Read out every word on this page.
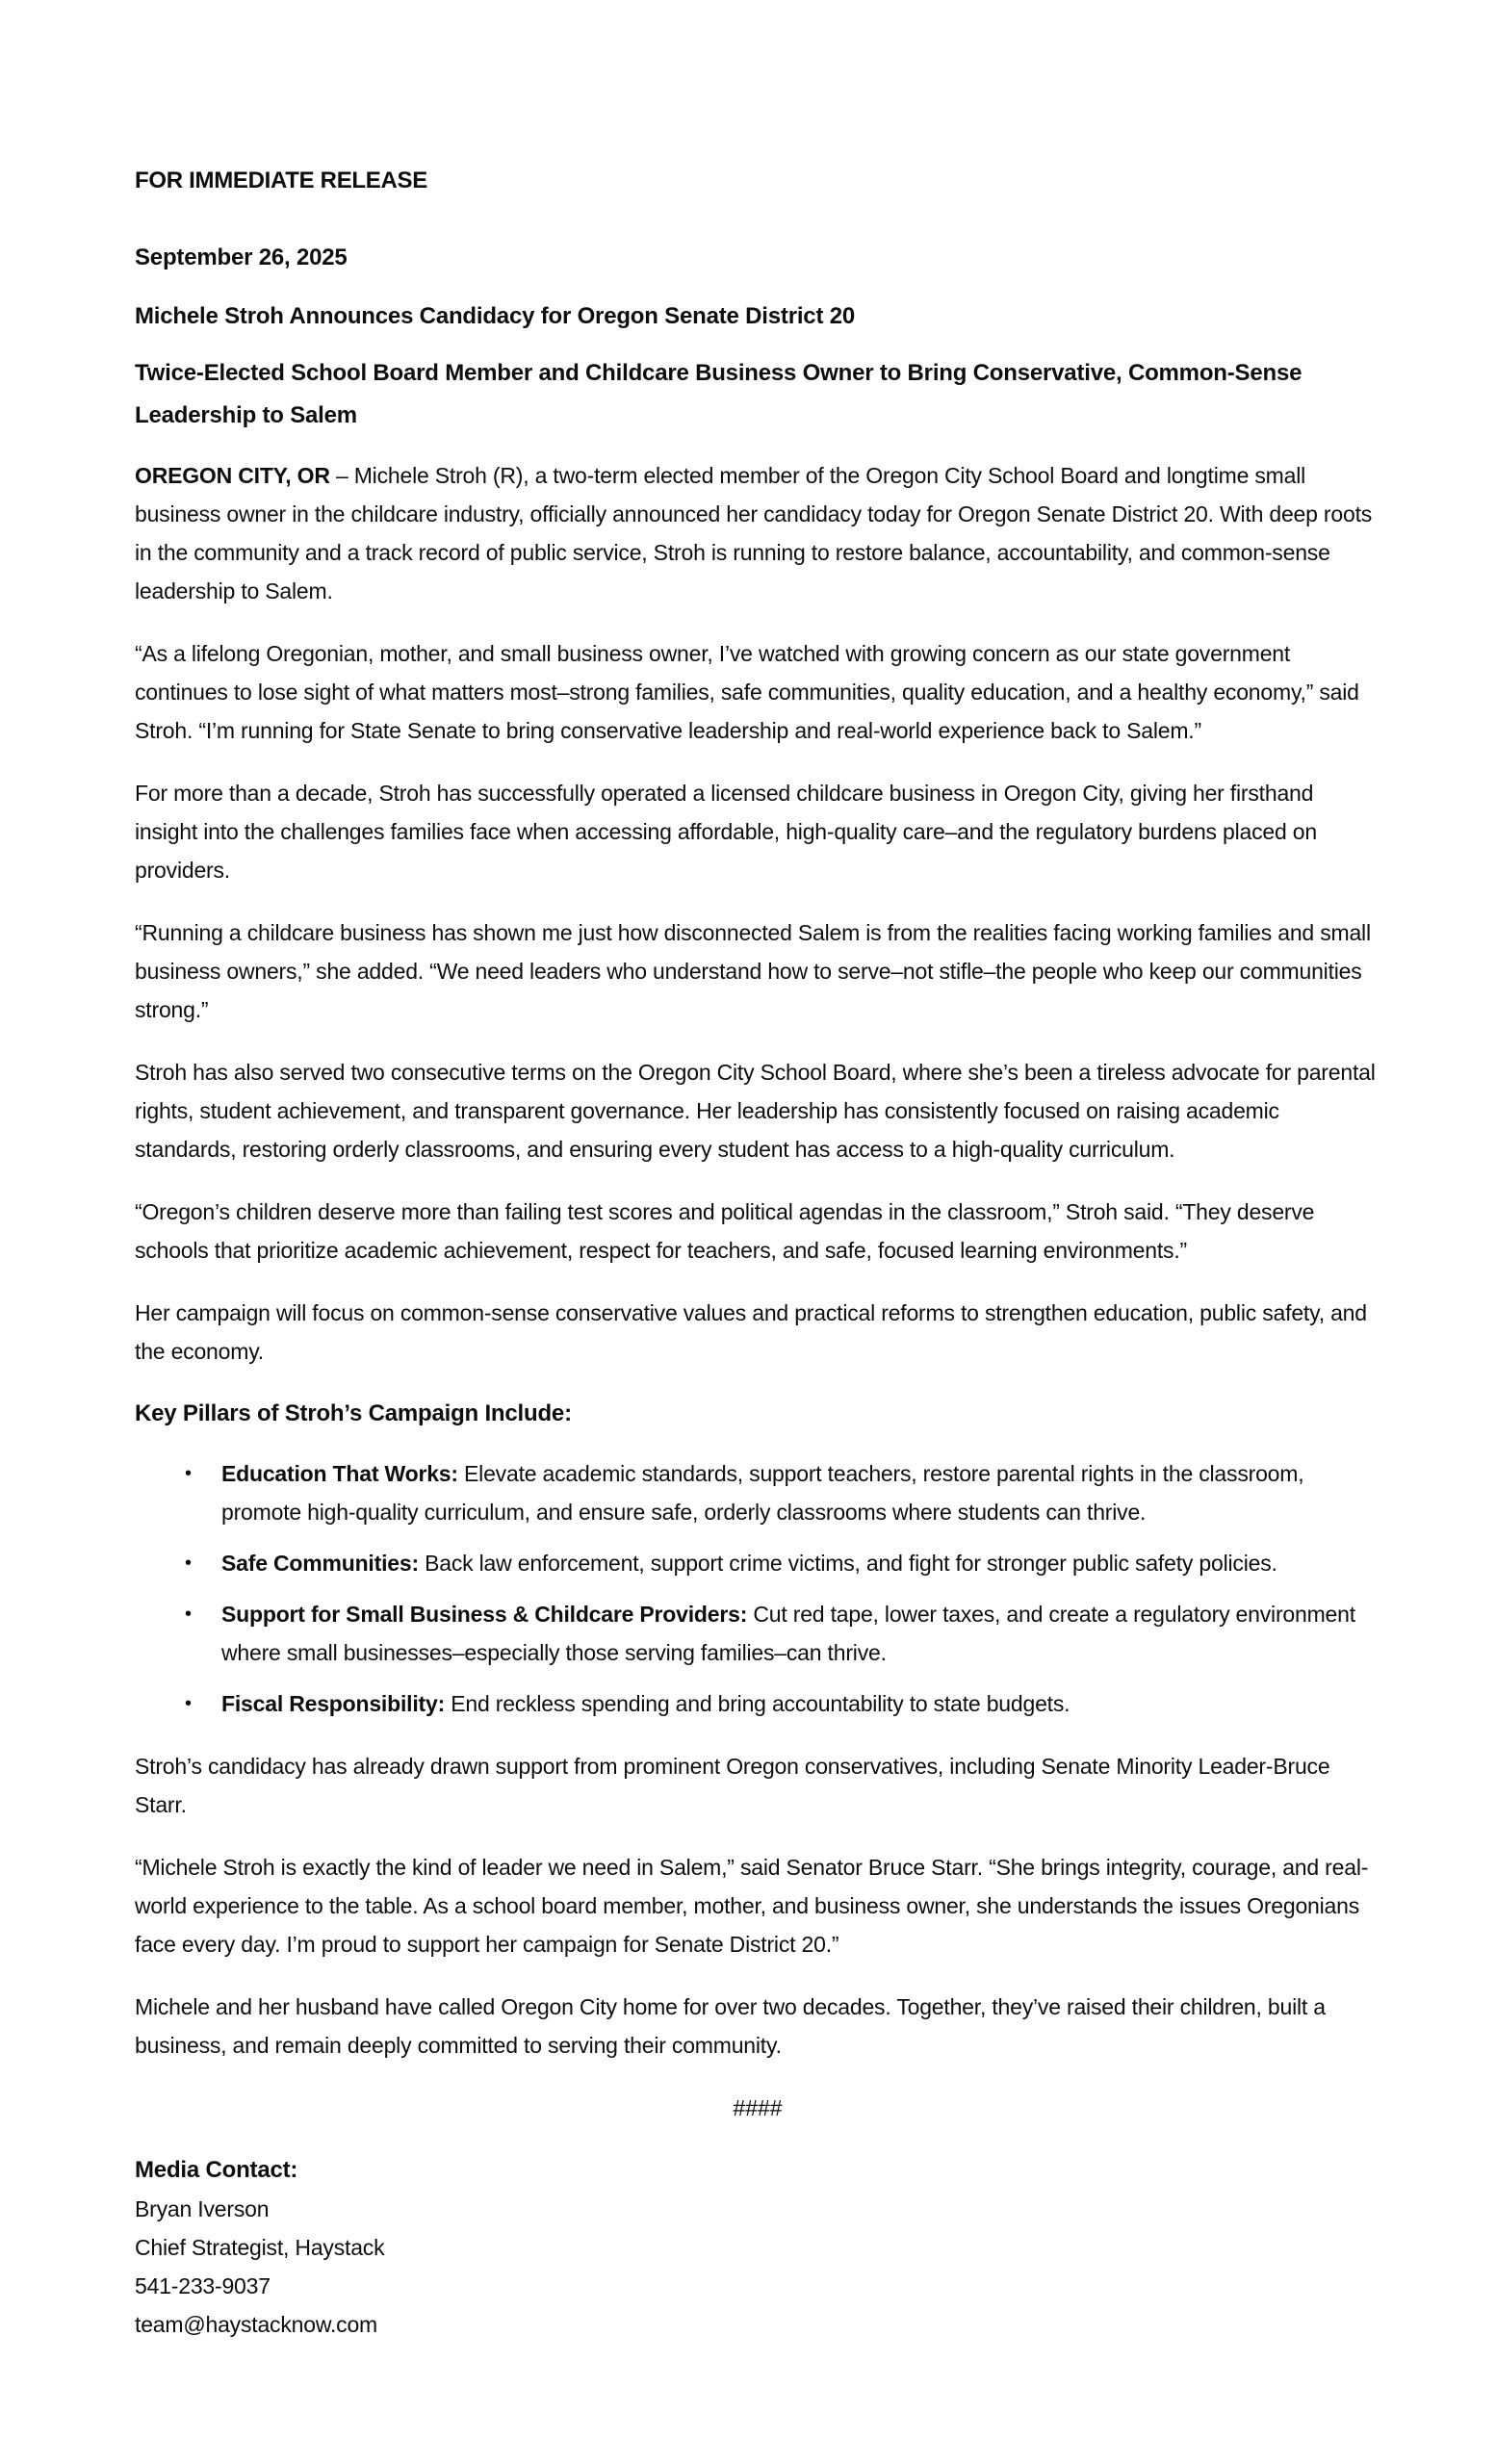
FOR IMMEDIATE RELEASE

September 26, 2025

Michele Stroh Announces Candidacy for Oregon Senate District 20
Twice-Elected School Board Member and Childcare Business Owner to Bring Conservative, Common-Sense Leadership to Salem

OREGON CITY, OR – Michele Stroh (R), a two-term elected member of the Oregon City School Board and longtime small business owner in the childcare industry, officially announced her candidacy today for Oregon Senate District 20. With deep roots in the community and a track record of public service, Stroh is running to restore balance, accountability, and common-sense leadership to Salem.

“As a lifelong Oregonian, mother, and small business owner, I’ve watched with growing concern as our state government continues to lose sight of what matters most–strong families, safe communities, quality education, and a healthy economy,” said Stroh. “I’m running for State Senate to bring conservative leadership and real-world experience back to Salem.”

For more than a decade, Stroh has successfully operated a licensed childcare business in Oregon City, giving her firsthand insight into the challenges families face when accessing affordable, high-quality care–and the regulatory burdens placed on providers.

“Running a childcare business has shown me just how disconnected Salem is from the realities facing working families and small business owners,” she added. “We need leaders who understand how to serve–not stifle–the people who keep our communities strong.”

Stroh has also served two consecutive terms on the Oregon City School Board, where she’s been a tireless advocate for parental rights, student achievement, and transparent governance. Her leadership has consistently focused on raising academic standards, restoring orderly classrooms, and ensuring every student has access to a high-quality curriculum.

“Oregon’s children deserve more than failing test scores and political agendas in the classroom,” Stroh said. “They deserve schools that prioritize academic achievement, respect for teachers, and safe, focused learning environments.”

Her campaign will focus on common-sense conservative values and practical reforms to strengthen education, public safety, and the economy.

Key Pillars of Stroh’s Campaign Include:

•	Education That Works: Elevate academic standards, support teachers, restore parental rights in the classroom, promote high-quality curriculum, and ensure safe, orderly classrooms where students can thrive.
•	Safe Communities: Back law enforcement, support crime victims, and fight for stronger public safety policies.
•	Support for Small Business & Childcare Providers: Cut red tape, lower taxes, and create a regulatory environment where small businesses–especially those serving families–can thrive.
•	Fiscal Responsibility: End reckless spending and bring accountability to state budgets.

Stroh’s candidacy has already drawn support from prominent Oregon conservatives, including Senate Minority Leader-Bruce Starr.

“Michele Stroh is exactly the kind of leader we need in Salem,” said Senator Bruce Starr. “She brings integrity, courage, and real-world experience to the table. As a school board member, mother, and business owner, she understands the issues Oregonians face every day. I’m proud to support her campaign for Senate District 20.”

Michele and her husband have called Oregon City home for over two decades. Together, they’ve raised their children, built a business, and remain deeply committed to serving their community.

####

Media Contact:

Bryan Iverson

Chief Strategist, Haystack

541-233-9037

team@haystacknow.com
